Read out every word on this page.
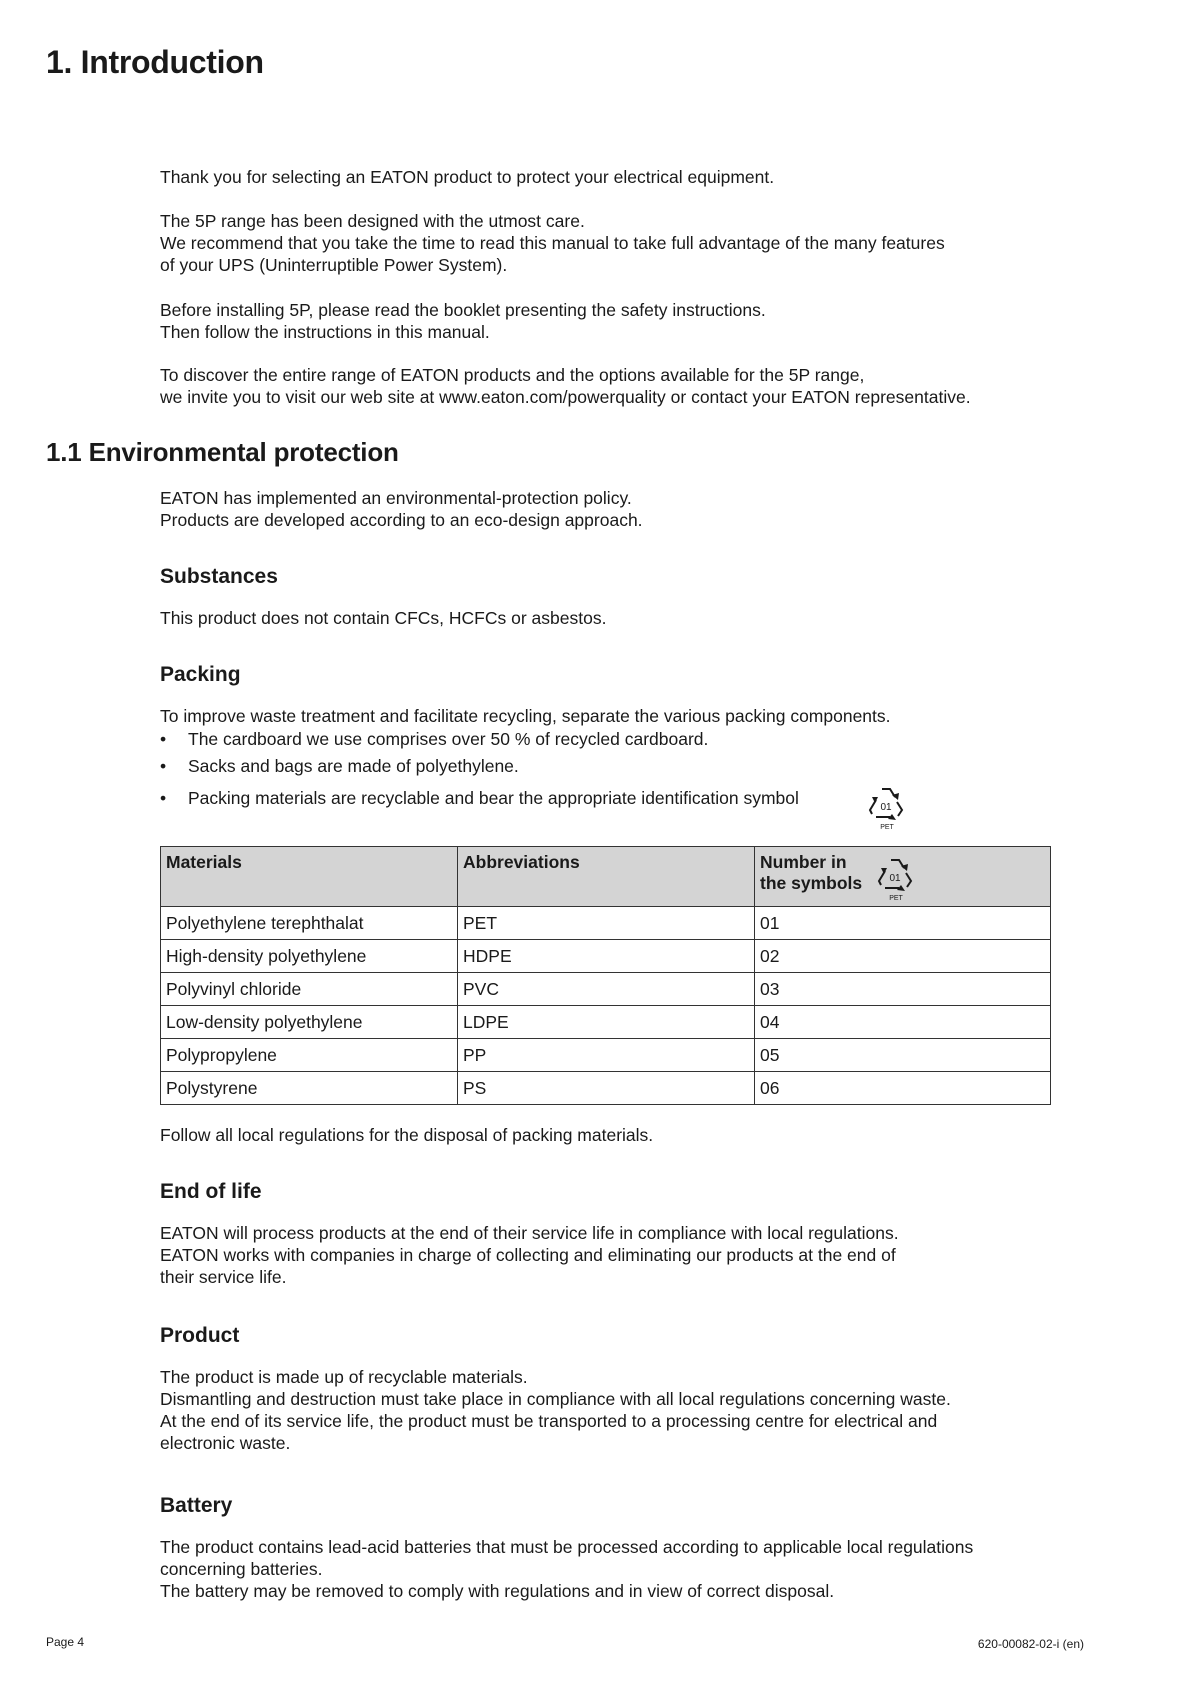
1. Introduction
Thank you for selecting an EATON product to protect your electrical equipment.
The 5P range has been designed with the utmost care.
We recommend that you take the time to read this manual to take full advantage of the many features
of your UPS (Uninterruptible Power System).
Before installing 5P, please read the booklet presenting the safety instructions.
Then follow the instructions in this manual.
To discover the entire range of EATON products and the options available for the 5P range,
we invite you to visit our web site at www.eaton.com/powerquality or contact your EATON representative.
1.1 Environmental protection
EATON has implemented an environmental-protection policy.
Products are developed according to an eco-design approach.
Substances
This product does not contain CFCs, HCFCs or asbestos.
Packing
To improve waste treatment and facilitate recycling, separate the various packing components.
• The cardboard we use comprises over 50 % of recycled cardboard.
• Sacks and bags are made of polyethylene.
• Packing materials are recyclable and bear the appropriate identification symbol	01
PET
Materials	Abbreviations	Number in
the symbols 01
PET

Polyethylene terephthalat	PET	01
High-density polyethylene	HDPE	02
Polyvinyl chloride	PVC	03
Low-density polyethylene	LDPE	04
Polypropylene	PP	05
Polystyrene	PS	06
Follow all local regulations for the disposal of packing materials.
End of life
EATON will process products at the end of their service life in compliance with local regulations.
EATON works with companies in charge of collecting and eliminating our products at the end of
their service life.
Product
The product is made up of recyclable materials.
Dismantling and destruction must take place in compliance with all local regulations concerning waste.
At the end of its service life, the product must be transported to a processing centre for electrical and
electronic waste.
Battery
The product contains lead-acid batteries that must be processed according to applicable local regulations
concerning batteries.
The battery may be removed to comply with regulations and in view of correct disposal.
Page 4	620-00082-02-i (en)
